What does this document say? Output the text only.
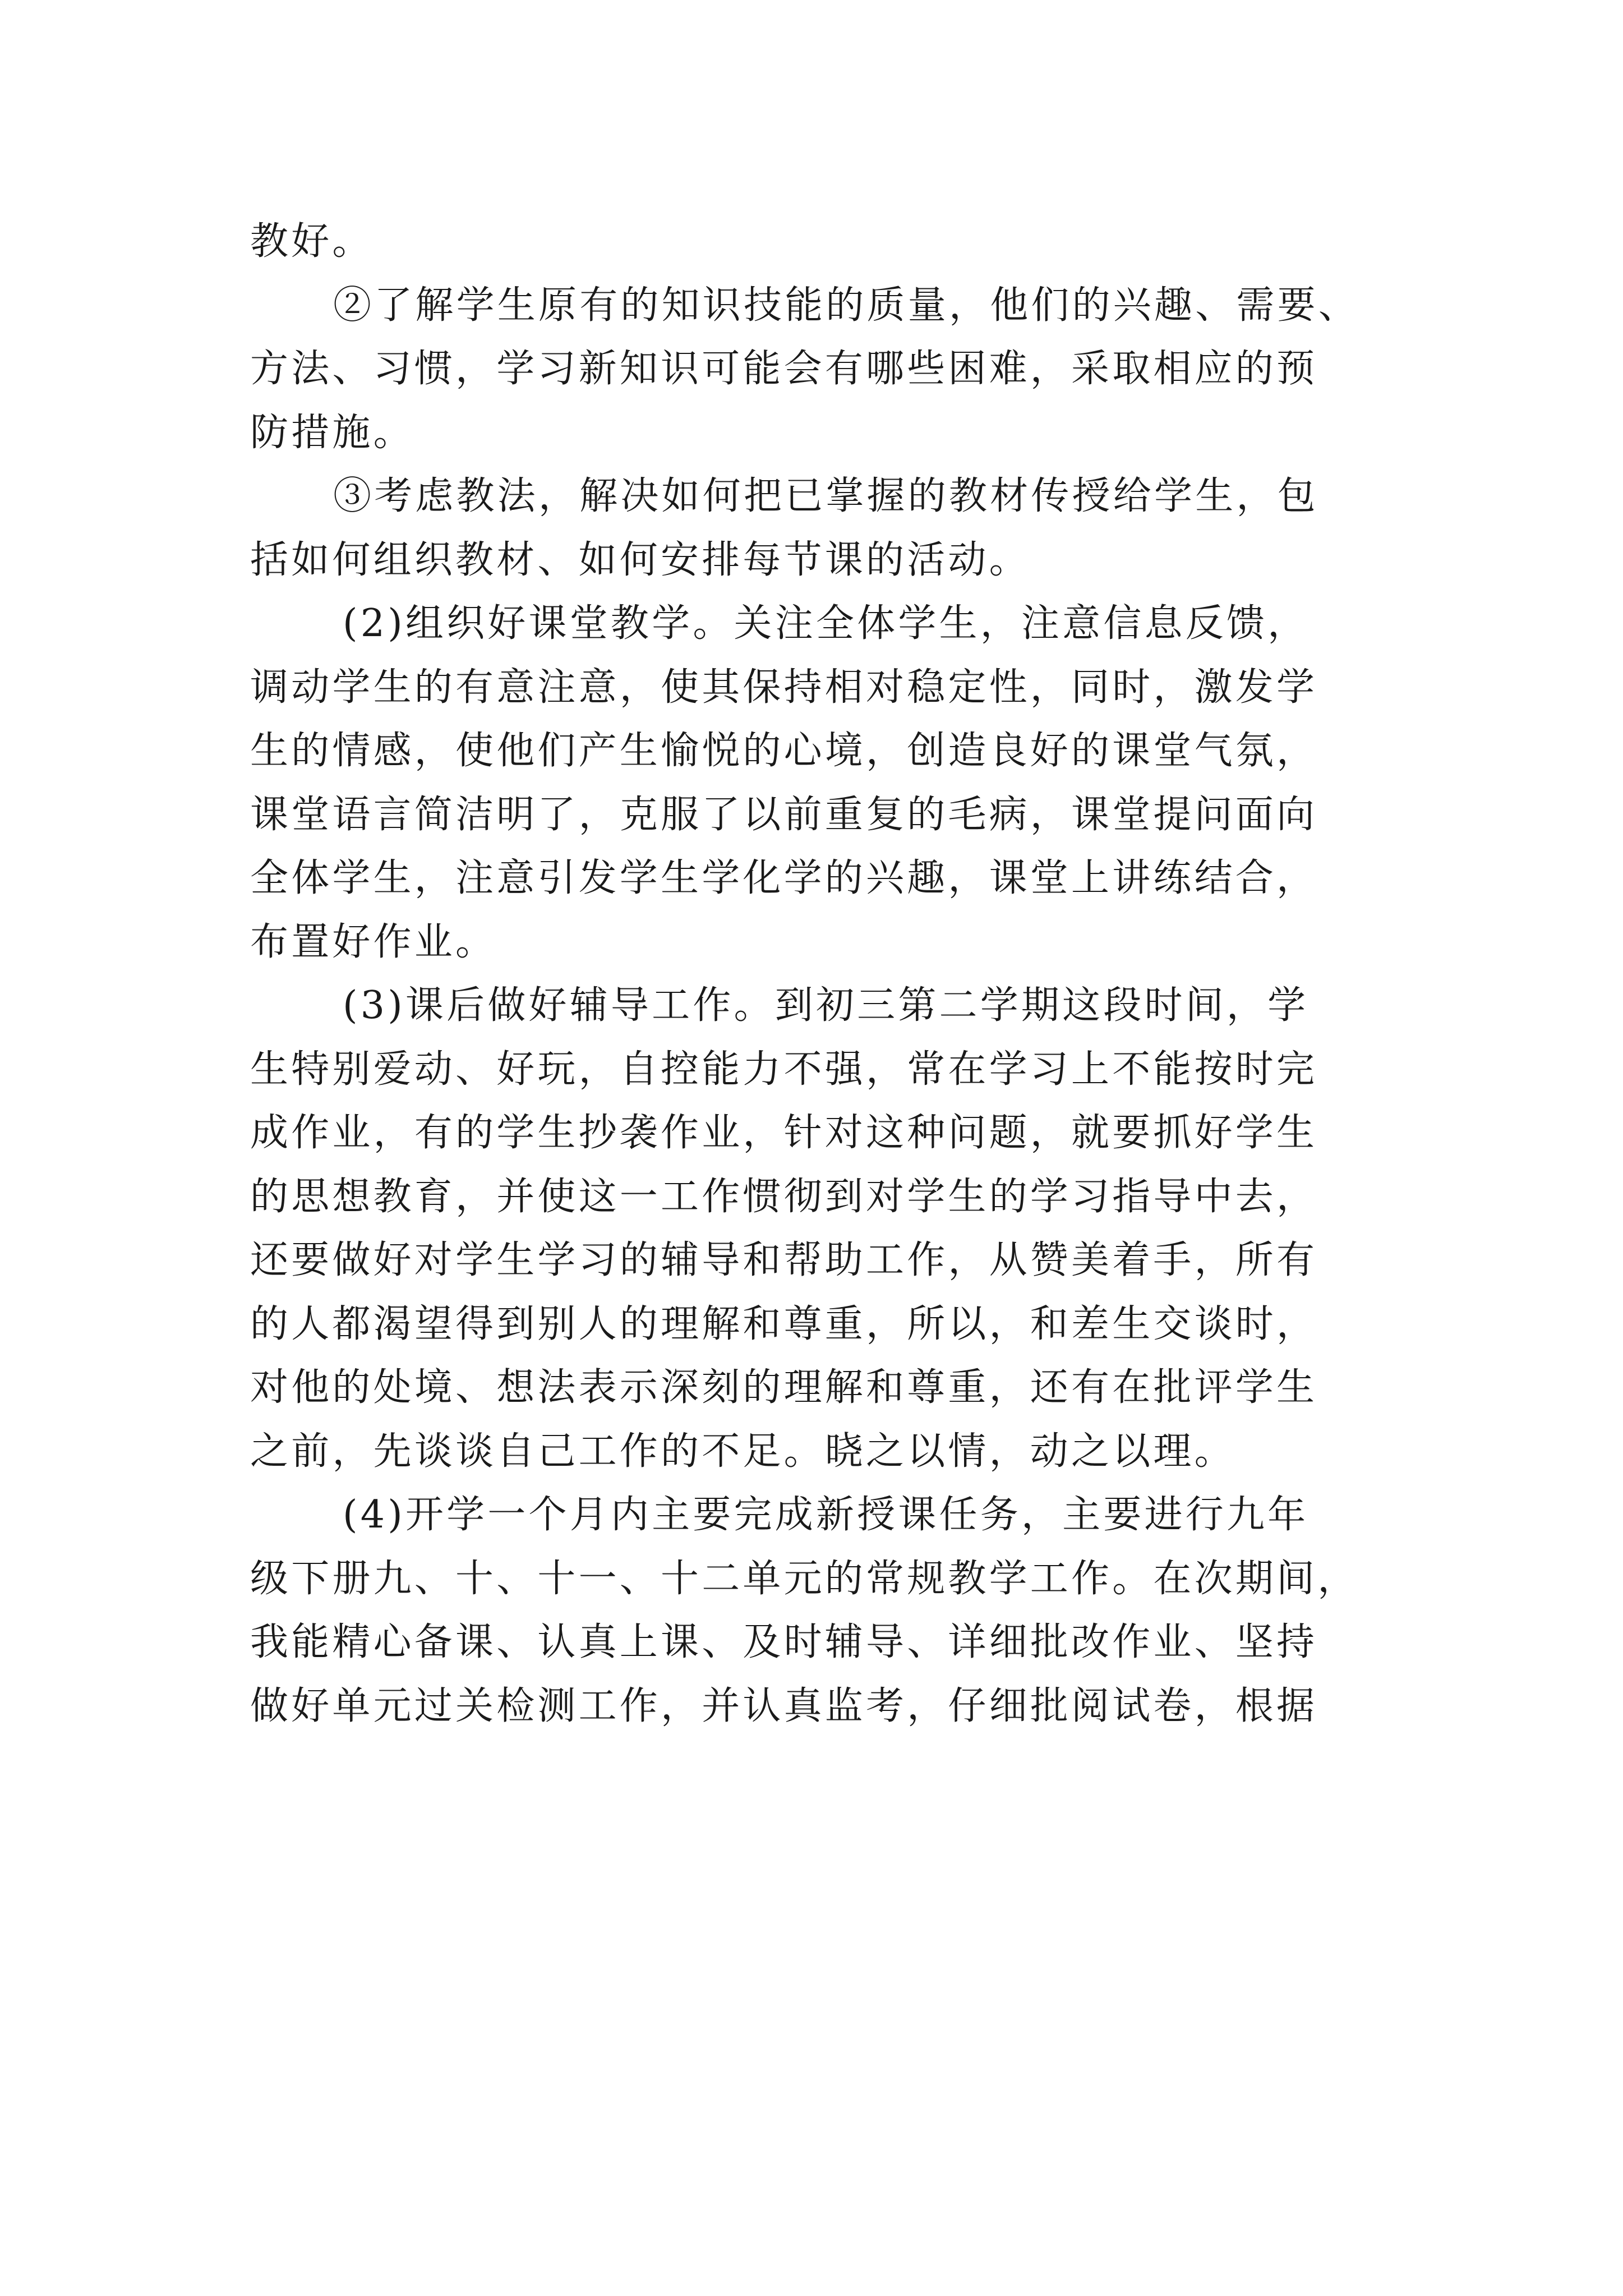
教好。
②了解学生原有的知识技能的质量，他们的兴趣、需要、
方法、习惯，学习新知识可能会有哪些困难，采取相应的预
防措施。
③考虑教法，解决如何把已掌握的教材传授给学生，包
括如何组织教材、如何安排每节课的活动。
(2)组织好课堂教学。关注全体学生，注意信息反馈，
调动学生的有意注意，使其保持相对稳定性，同时，激发学
生的情感，使他们产生愉悦的心境，创造良好的课堂气氛，
课堂语言简洁明了，克服了以前重复的毛病，课堂提问面向
全体学生，注意引发学生学化学的兴趣，课堂上讲练结合，
布置好作业。
(3)课后做好辅导工作。到初三第二学期这段时间，学
生特别爱动、好玩，自控能力不强，常在学习上不能按时完
成作业，有的学生抄袭作业，针对这种问题，就要抓好学生
的思想教育，并使这一工作惯彻到对学生的学习指导中去，
还要做好对学生学习的辅导和帮助工作，从赞美着手，所有
的人都渴望得到别人的理解和尊重，所以，和差生交谈时，
对他的处境、想法表示深刻的理解和尊重，还有在批评学生
之前，先谈谈自己工作的不足。晓之以情，动之以理。
(4)开学一个月内主要完成新授课任务，主要进行九年
级下册九、十、十一、十二单元的常规教学工作。在次期间，
我能精心备课、认真上课、及时辅导、详细批改作业、坚持
做好单元过关检测工作，并认真监考，仔细批阅试卷，根据
